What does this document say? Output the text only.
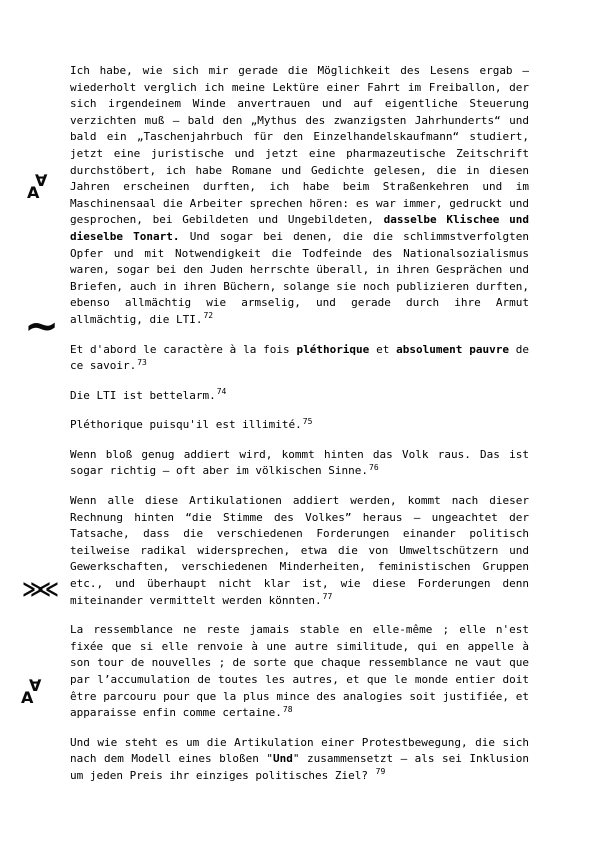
∀
A
~
≫≪
∀
A

Ich habe, wie sich mir gerade die Möglichkeit des Lesens ergab – wiederholt verglich ich meine Lektüre einer Fahrt im Freiballon, der sich irgendeinem Winde anvertrauen und auf eigentliche Steuerung verzichten muß – bald den „Mythus des zwanzigsten Jahrhunderts“ und bald ein „Taschenjahrbuch für den Einzelhandelskaufmann“ studiert, jetzt eine juristische und jetzt eine pharmazeutische Zeitschrift durchstöbert, ich habe Romane und Gedichte gelesen, die in diesen Jahren erscheinen durften, ich habe beim Straßenkehren und im Maschinensaal die Arbeiter sprechen hören: es war immer, gedruckt und gesprochen, bei Gebildeten und Ungebildeten, dasselbe Klischee und dieselbe Tonart. Und sogar bei denen, die die schlimmstverfolgten Opfer und mit Notwendigkeit die Todfeinde des Nationalsozialismus waren, sogar bei den Juden herrschte überall, in ihren Gesprächen und Briefen, auch in ihren Büchern, solange sie noch publizieren durften, ebenso allmächtig wie armselig, und gerade durch ihre Armut allmächtig, die LTI.$^{72}$

Et d'abord le caractère à la fois pléthorique et absolument pauvre de ce savoir.$^{73}$

Die LTI ist bettelarm.$^{74}$

Pléthorique puisqu'il est illimité.$^{75}$

Wenn bloß genug addiert wird, kommt hinten das Volk raus. Das ist sogar richtig – oft aber im völkischen Sinne.$^{76}$

Wenn alle diese Artikulationen addiert werden, kommt nach dieser Rechnung hinten “die Stimme des Volkes” heraus – ungeachtet der Tatsache, dass die verschiedenen Forderungen einander politisch teilweise radikal widersprechen, etwa die von Umweltschützern und Gewerkschaften, verschiedenen Minderheiten, feministischen Gruppen etc., und überhaupt nicht klar ist, wie diese Forderungen denn miteinander vermittelt werden könnten.$^{77}$

La ressemblance ne reste jamais stable en elle-même ; elle n'est fixée que si elle renvoie à une autre similitude, qui en appelle à son tour de nouvelles ; de sorte que chaque ressemblance ne vaut que par l’accumulation de toutes les autres, et que le monde entier doit être parcouru pour que la plus mince des analogies soit justifiée, et apparaisse enfin comme certaine.$^{78}$

Und wie steht es um die Artikulation einer Protestbewegung, die sich nach dem Modell eines bloßen "Und" zusammensetzt – als sei Inklusion um jeden Preis ihr einziges politisches Ziel? $^{79}$
